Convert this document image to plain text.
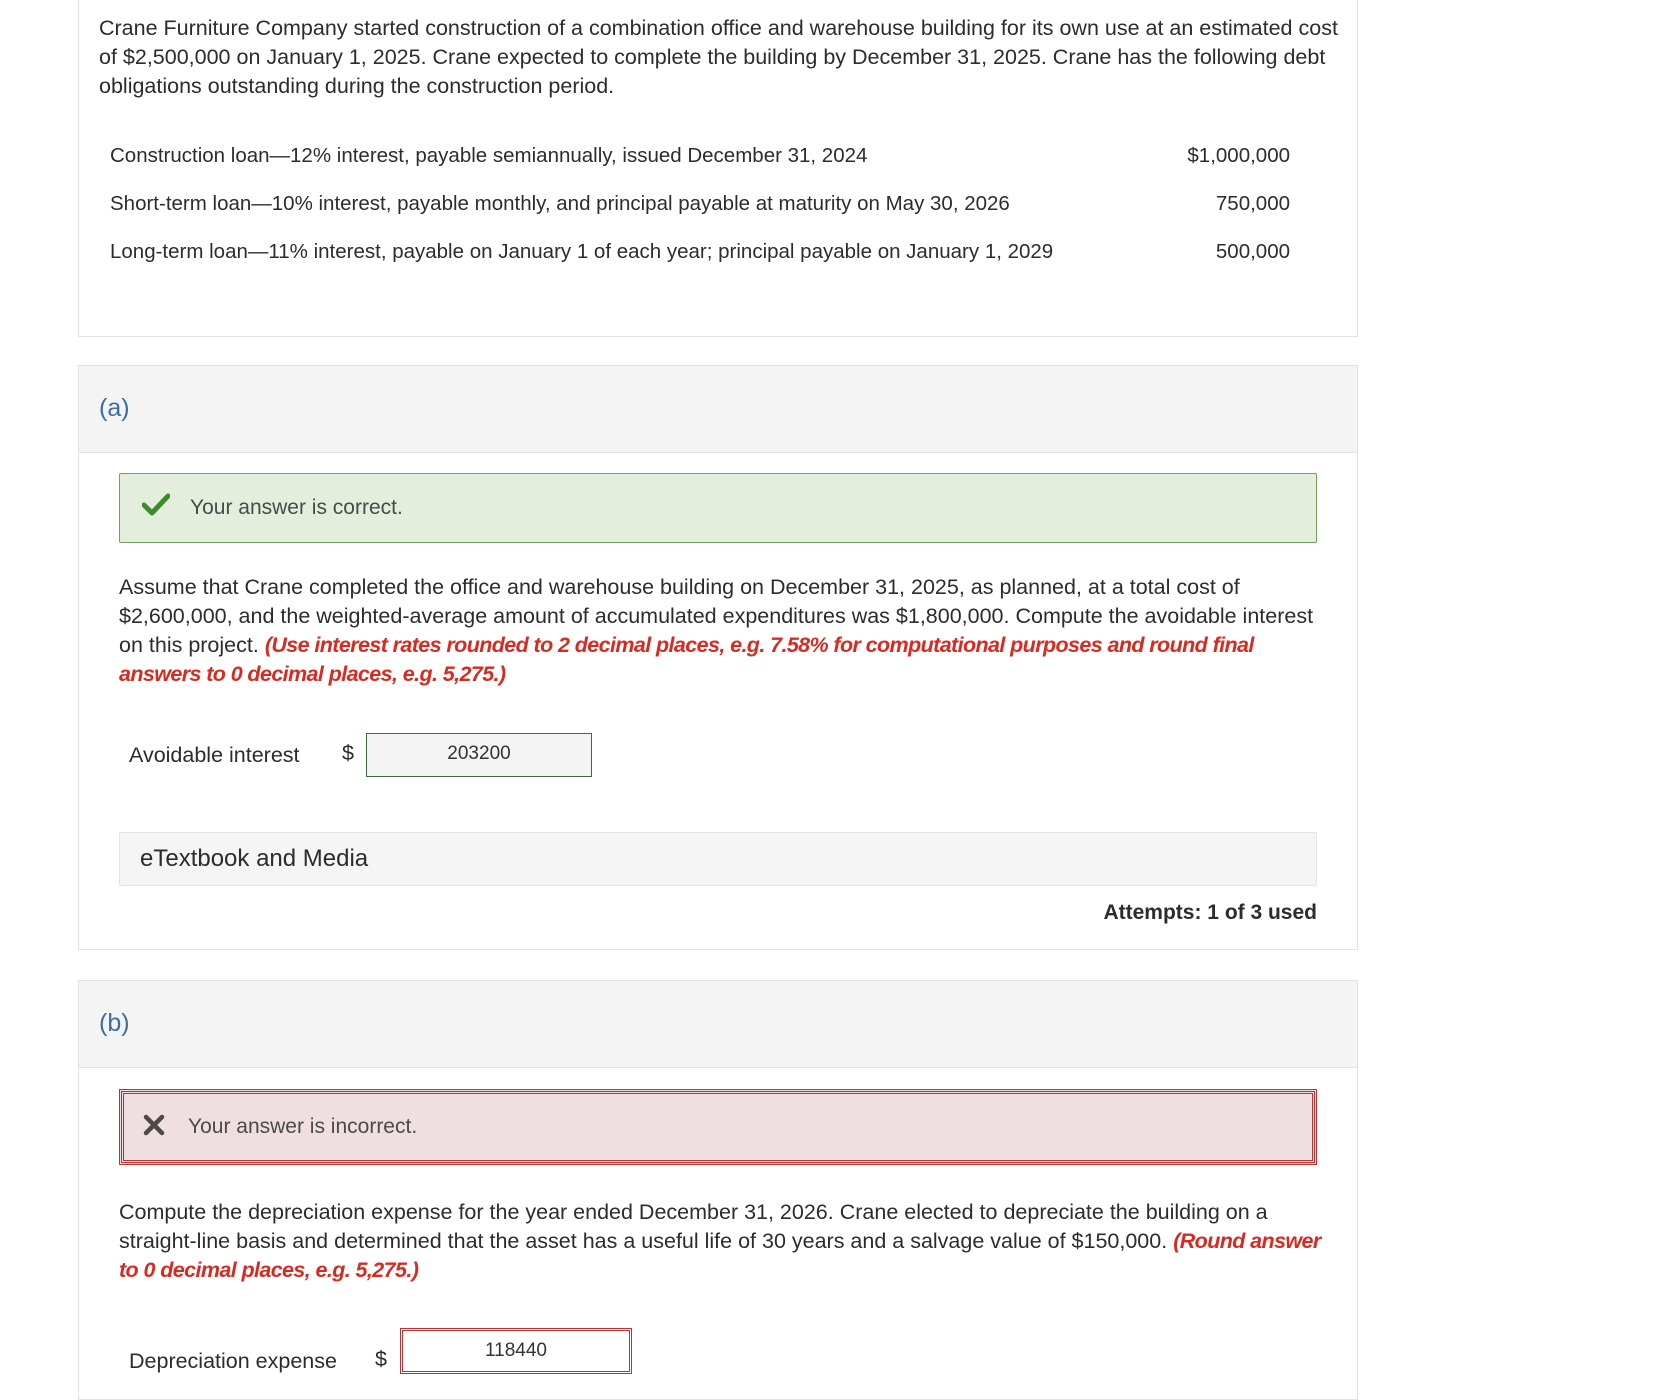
Crane Furniture Company started construction of a combination office and warehouse building for its own use at an estimated cost of $2,500,000 on January 1, 2025. Crane expected to complete the building by December 31, 2025. Crane has the following debt obligations outstanding during the construction period.
Construction loan—12% interest, payable semiannually, issued December 31, 2024	$1,000,000
Short-term loan—10% interest, payable monthly, and principal payable at maturity on May 30, 2026	750,000
Long-term loan—11% interest, payable on January 1 of each year; principal payable on January 1, 2029	500,000
(a)
Your answer is correct.
Assume that Crane completed the office and warehouse building on December 31, 2025, as planned, at a total cost of $2,600,000, and the weighted-average amount of accumulated expenditures was $1,800,000. Compute the avoidable interest on this project. (Use interest rates rounded to 2 decimal places, e.g. 7.58% for computational purposes and round final answers to 0 decimal places, e.g. 5,275.)
Avoidable interest $	203200
eTextbook and Media
Attempts: 1 of 3 used
(b)
Your answer is incorrect.
Compute the depreciation expense for the year ended December 31, 2026. Crane elected to depreciate the building on a straight-line basis and determined that the asset has a useful life of 30 years and a salvage value of $150,000. (Round answer to 0 decimal places, e.g. 5,275.)
Depreciation expense $	118440
